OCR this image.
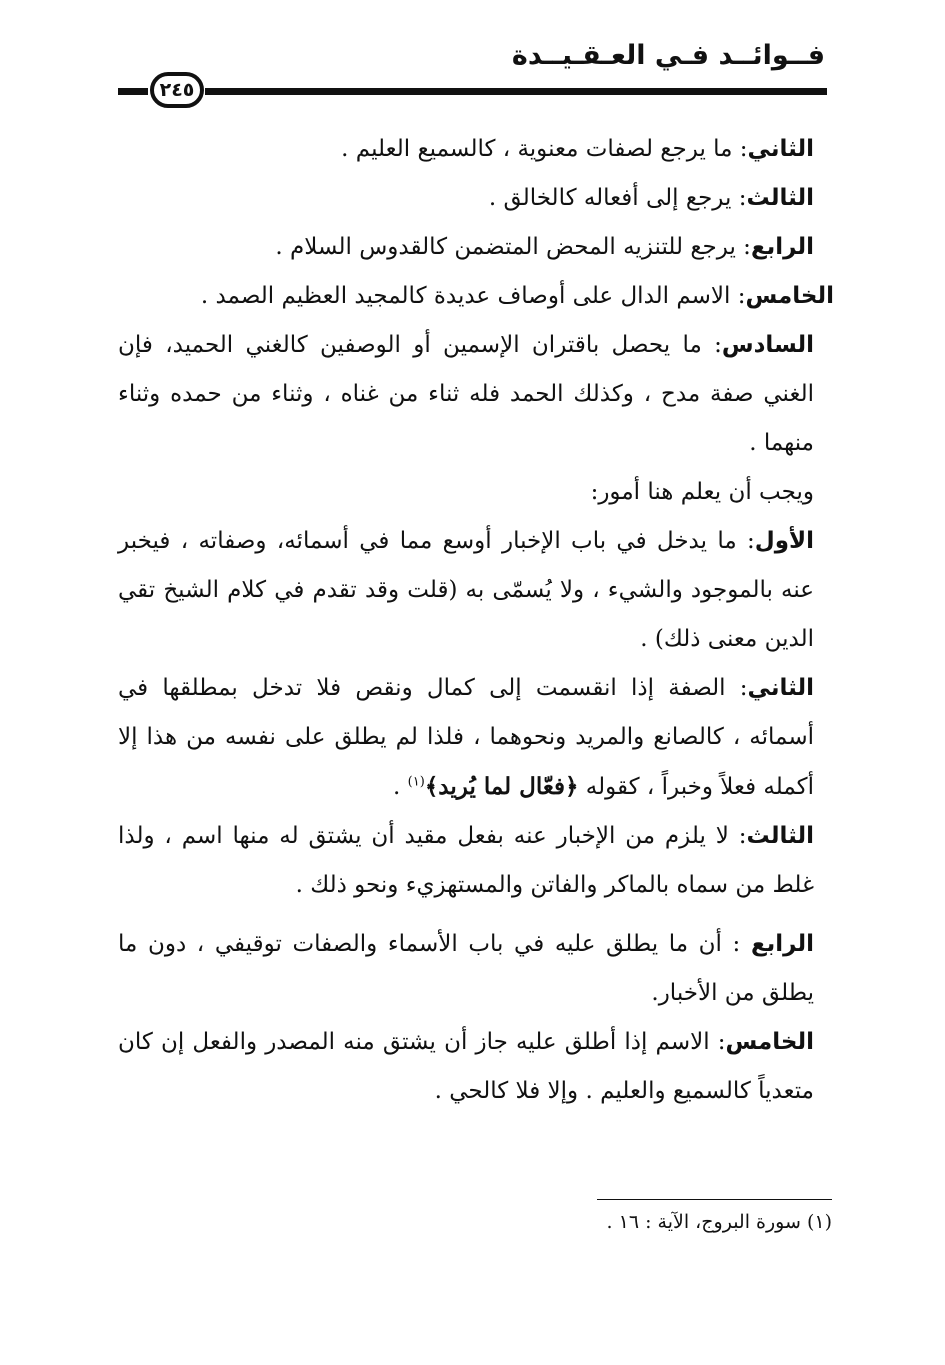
فــوائــد فـي العـقـيــدة
٢٤٥

الثاني: ما يرجع لصفات معنوية ، كالسميع العليم .

الثالث: يرجع إلى أفعاله كالخالق .

الرابع: يرجع للتنزيه المحض المتضمن كالقدوس السلام .

الخامس: الاسم الدال على أوصاف عديدة كالمجيد العظيم الصمد .

السادس: ما يحصل باقتران الإسمين أو الوصفين كالغني الحميد، فإن الغني صفة مدح ، وكذلك الحمد فله ثناء من غناه ، وثناء من حمده وثناء منهما .

ويجب أن يعلم هنا أمور:

الأول: ما يدخل في باب الإخبار أوسع مما في أسمائه، وصفاته ، فيخبر عنه بالموجود والشيء ، ولا يُسمّى به (قلت وقد تقدم في كلام الشيخ تقي الدين معنى ذلك) .

الثاني: الصفة إذا انقسمت إلى كمال ونقص فلا تدخل بمطلقها في أسمائه ، كالصانع والمريد ونحوهما ، فلذا لم يطلق على نفسه من هذا إلا أكمله فعلاً وخبراً ، كقوله ﴿فعّال لما يُريد﴾$^{(١)}$ .

الثالث: لا يلزم من الإخبار عنه بفعل مقيد أن يشتق له منها اسم ، ولذا غلط من سماه بالماكر والفاتن والمستهزيء ونحو ذلك .

الرابع : أن ما يطلق عليه في باب الأسماء والصفات توقيفي ، دون ما يطلق من الأخبار.

الخامس: الاسم إذا أطلق عليه جاز أن يشتق منه المصدر والفعل إن كان متعدياً كالسميع والعليم . وإلا فلا كالحي .

(١) سورة البروج، الآية : ١٦ .
